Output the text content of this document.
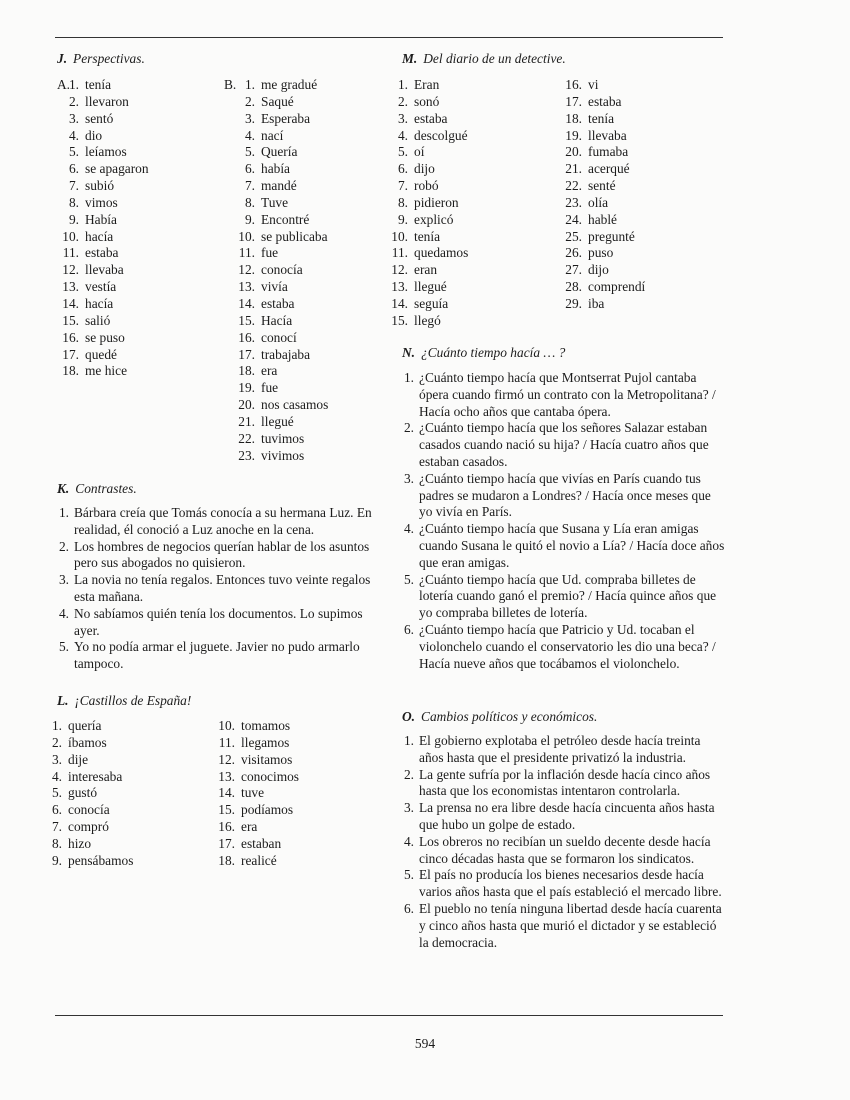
J. Perspectivas.
A.
1. tenía
2. llevaron
3. sentó
4. dio
5. leíamos
6. se apagaron
7. subió
8. vimos
9. Había
10. hacía
11. estaba
12. llevaba
13. vestía
14. hacía
15. salió
16. se puso
17. quedé
18. me hice
B. 1. me gradué
2. Saqué
3. Esperaba
4. nací
5. Quería
6. había
7. mandé
8. Tuve
9. Encontré
10. se publicaba
11. fue
12. conocía
13. vivía
14. estaba
15. Hacía
16. conocí
17. trabajaba
18. era
19. fue
20. nos casamos
21. llegué
22. tuvimos
23. vivimos
K. Contrastes.
1. Bárbara creía que Tomás conocía a su hermana Luz. En realidad, él conoció a Luz anoche en la cena.
2. Los hombres de negocios querían hablar de los asuntos pero sus abogados no quisieron.
3. La novia no tenía regalos. Entonces tuvo veinte regalos esta mañana.
4. No sabíamos quién tenía los documentos. Lo supimos ayer.
5. Yo no podía armar el juguete. Javier no pudo armarlo tampoco.
L. ¡Castillos de España!
1. quería
2. íbamos
3. dije
4. interesaba
5. gustó
6. conocía
7. compró
8. hizo
9. pensábamos
10. tomamos
11. llegamos
12. visitamos
13. conocimos
14. tuve
15. podíamos
16. era
17. estaban
18. realicé
M. Del diario de un detective.
1. Eran
2. sonó
3. estaba
4. descolgué
5. oí
6. dijo
7. robó
8. pidieron
9. explicó
10. tenía
11. quedamos
12. eran
13. llegué
14. seguía
15. llegó
16. vi
17. estaba
18. tenía
19. llevaba
20. fumaba
21. acerqué
22. senté
23. olía
24. hablé
25. pregunté
26. puso
27. dijo
28. comprendí
29. iba
N. ¿Cuánto tiempo hacía … ?
1. ¿Cuánto tiempo hacía que Montserrat Pujol cantaba ópera cuando firmó un contrato con la Metropolitana? / Hacía ocho años que cantaba ópera.
2. ¿Cuánto tiempo hacía que los señores Salazar estaban casados cuando nació su hija? / Hacía cuatro años que estaban casados.
3. ¿Cuánto tiempo hacía que vivías en París cuando tus padres se mudaron a Londres? / Hacía once meses que yo vivía en París.
4. ¿Cuánto tiempo hacía que Susana y Lía eran amigas cuando Susana le quitó el novio a Lía? / Hacía doce años que eran amigas.
5. ¿Cuánto tiempo hacía que Ud. compraba billetes de lotería cuando ganó el premio? / Hacía quince años que yo compraba billetes de lotería.
6. ¿Cuánto tiempo hacía que Patricio y Ud. tocaban el violonchelo cuando el conservatorio les dio una beca? / Hacía nueve años que tocábamos el violonchelo.
O. Cambios políticos y económicos.
1. El gobierno explotaba el petróleo desde hacía treinta años hasta que el presidente privatizó la industria.
2. La gente sufría por la inflación desde hacía cinco años hasta que los economistas intentaron controlarla.
3. La prensa no era libre desde hacía cincuenta años hasta que hubo un golpe de estado.
4. Los obreros no recibían un sueldo decente desde hacía cinco décadas hasta que se formaron los sindicatos.
5. El país no producía los bienes necesarios desde hacía varios años hasta que el país estableció el mercado libre.
6. El pueblo no tenía ninguna libertad desde hacía cuarenta y cinco años hasta que murió el dictador y se estableció la democracia.
594
